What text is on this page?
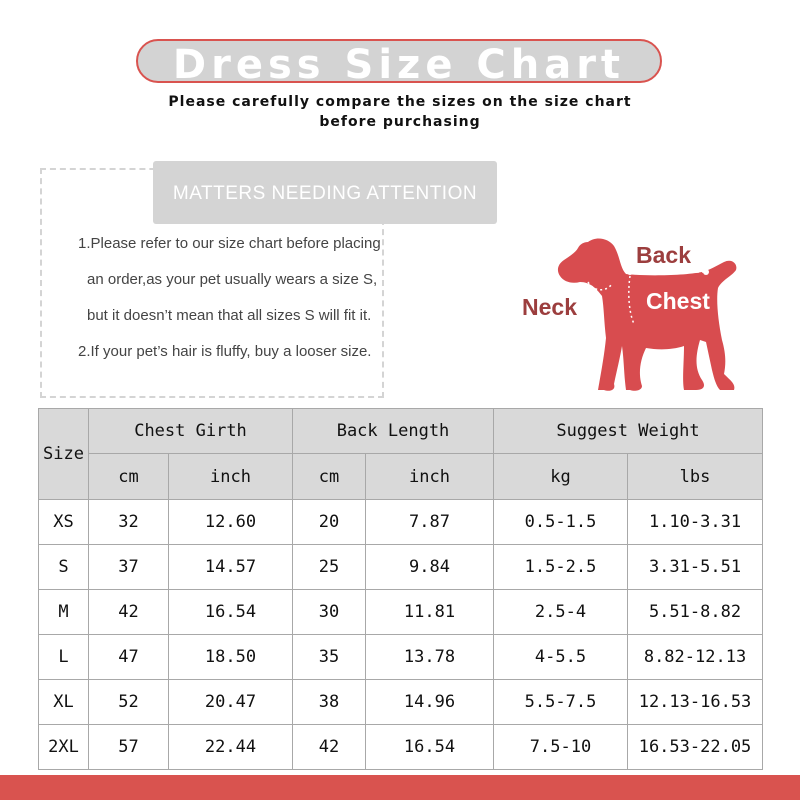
Dress Size Chart
Please carefully compare the sizes on the size chart
before purchasing
MATTERS NEEDING ATTENTION
1.Please refer to our size chart before placing
an order,as your pet usually wears a size S,
but it doesn’t mean that all sizes S will fit it.
2.If your pet’s hair is fluffy, buy a looser size.
Back
Chest
Neck
Size	Chest Girth		Back Length		Suggest Weight	
	cm	inch	cm	inch	kg	lbs
XS	32	12.60	20	7.87	0.5-1.5	1.10-3.31
S	37	14.57	25	9.84	1.5-2.5	3.31-5.51
M	42	16.54	30	11.81	2.5-4	5.51-8.82
L	47	18.50	35	13.78	4-5.5	8.82-12.13
XL	52	20.47	38	14.96	5.5-7.5	12.13-16.53
2XL	57	22.44	42	16.54	7.5-10	16.53-22.05
